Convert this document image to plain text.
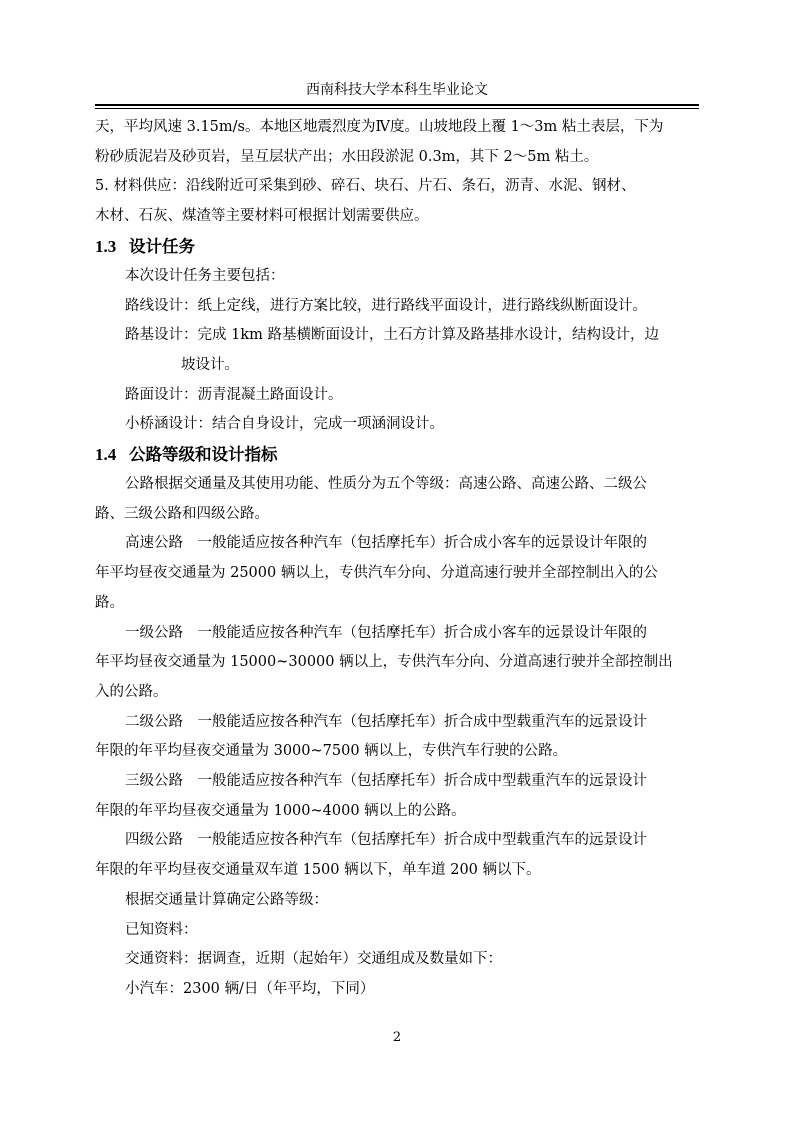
西南科技大学本科生毕业论文

天，平均风速 3.15m/s。本地区地震烈度为Ⅳ度。山坡地段上覆 1～3m 粘土表层，下为

粉砂质泥岩及砂页岩，呈互层状产出；水田段淤泥 0.3m，其下 2～5m 粘土。

5. 材料供应：沿线附近可采集到砂、碎石、块石、片石、条石，沥青、水泥、钢材、

木材、石灰、煤渣等主要材料可根据计划需要供应。

1.3 设计任务

本次设计任务主要包括：

路线设计：纸上定线，进行方案比较，进行路线平面设计，进行路线纵断面设计。

路基设计：完成 1km 路基横断面设计，土石方计算及路基排水设计，结构设计，边

坡设计。

路面设计：沥青混凝土路面设计。

小桥涵设计：结合自身设计，完成一项涵洞设计。

1.4 公路等级和设计指标

公路根据交通量及其使用功能、性质分为五个等级：高速公路、高速公路、二级公

路、三级公路和四级公路。

高速公路　一般能适应按各种汽车（包括摩托车）折合成小客车的远景设计年限的

年平均昼夜交通量为 25000 辆以上，专供汽车分向、分道高速行驶并全部控制出入的公

路。

一级公路　一般能适应按各种汽车（包括摩托车）折合成小客车的远景设计年限的

年平均昼夜交通量为 15000~30000 辆以上，专供汽车分向、分道高速行驶并全部控制出

入的公路。

二级公路　一般能适应按各种汽车（包括摩托车）折合成中型载重汽车的远景设计

年限的年平均昼夜交通量为 3000~7500 辆以上，专供汽车行驶的公路。

三级公路　一般能适应按各种汽车（包括摩托车）折合成中型载重汽车的远景设计

年限的年平均昼夜交通量为 1000~4000 辆以上的公路。

四级公路　一般能适应按各种汽车（包括摩托车）折合成中型载重汽车的远景设计

年限的年平均昼夜交通量双车道 1500 辆以下，单车道 200 辆以下。

根据交通量计算确定公路等级：

已知资料：

交通资料：据调查，近期（起始年）交通组成及数量如下：

小汽车：2300 辆/日（年平均，下同）

2
